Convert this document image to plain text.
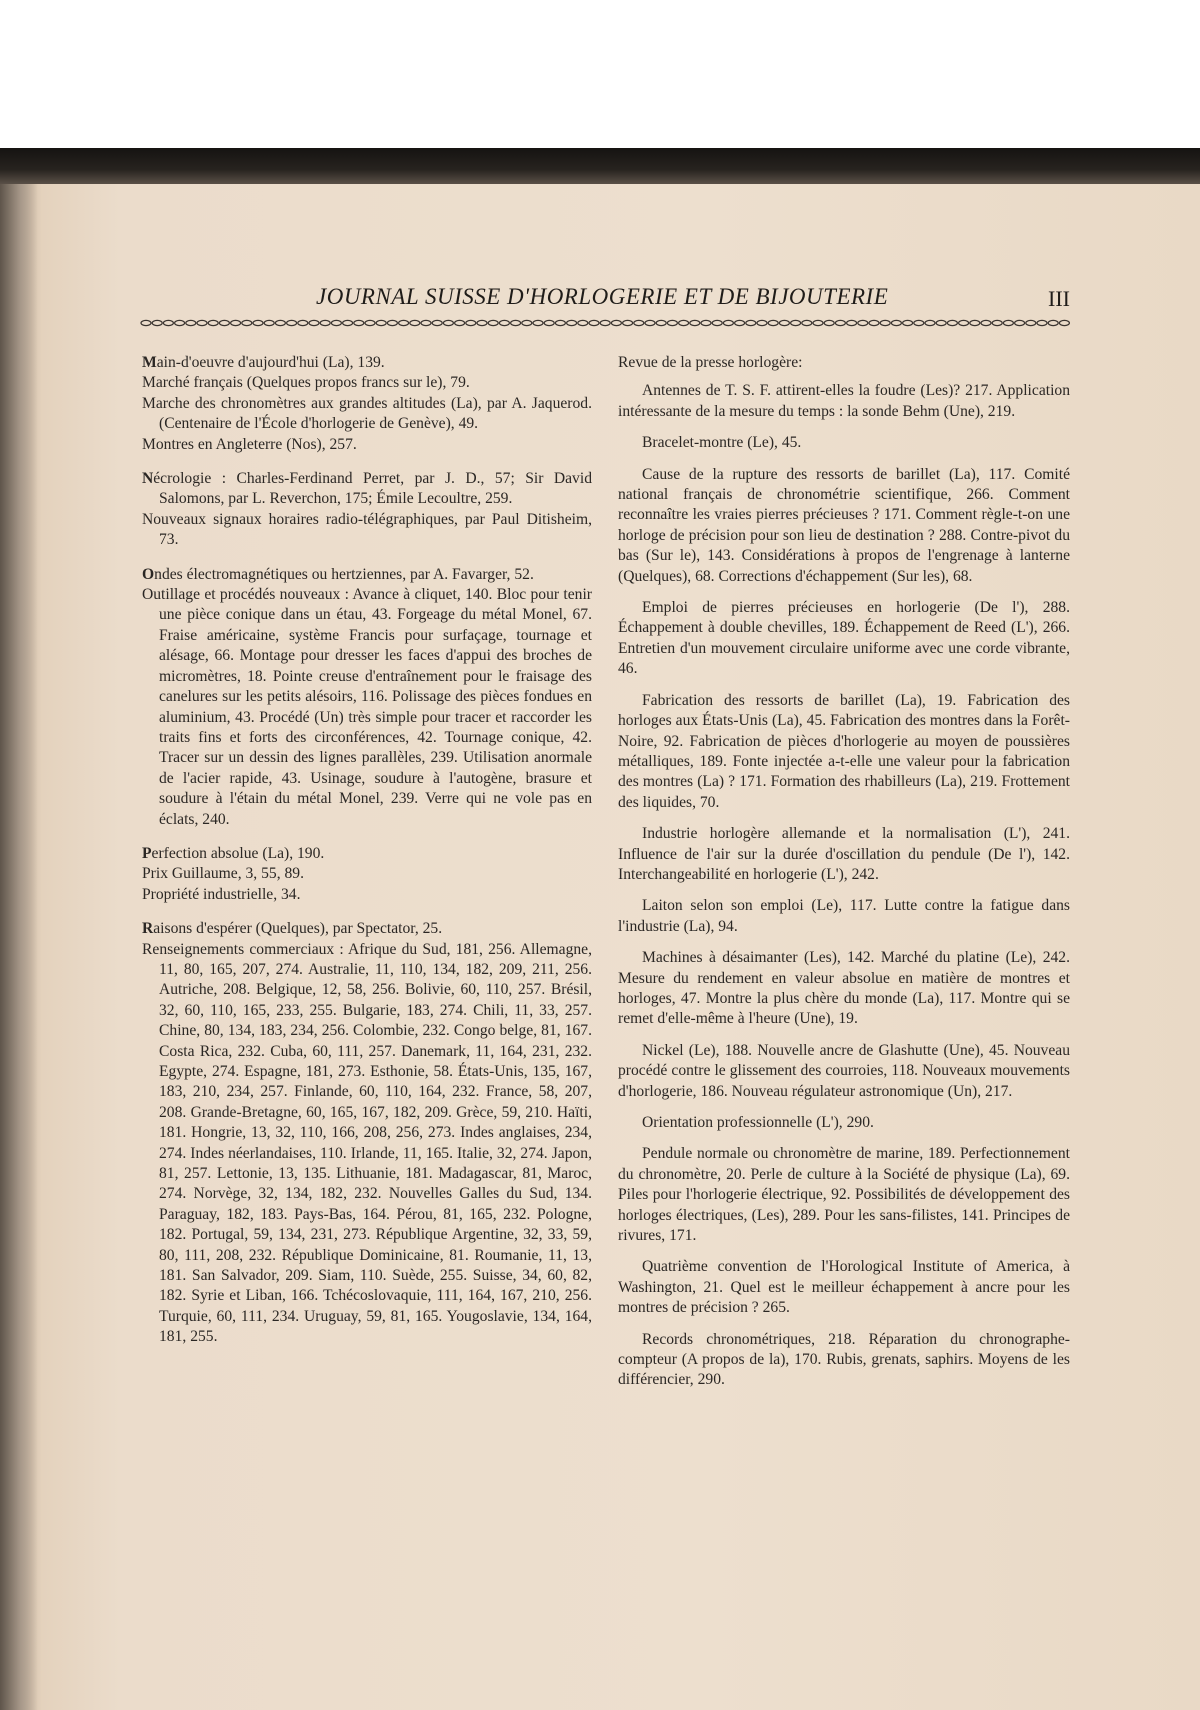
JOURNAL SUISSE D'HORLOGERIE ET DE BIJOUTERIE	III

Main-d'oeuvre d'aujourd'hui (La), 139.

Marché français (Quelques propos francs sur le), 79.

Marche des chronomètres aux grandes altitudes (La), par A. Jaquerod. (Centenaire de l'École d'horlogerie de Genève), 49.

Montres en Angleterre (Nos), 257.

Nécrologie : Charles-Ferdinand Perret, par J. D., 57; Sir David Salomons, par L. Reverchon, 175; Émile Lecoultre, 259.

Nouveaux signaux horaires radio-télégraphiques, par Paul Ditisheim, 73.

Ondes électromagnétiques ou hertziennes, par A. Favarger, 52.

Outillage et procédés nouveaux : Avance à cliquet, 140. Bloc pour tenir une pièce conique dans un étau, 43. Forgeage du métal Monel, 67. Fraise américaine, système Francis pour surfaçage, tournage et alésage, 66. Montage pour dresser les faces d'appui des broches de micromètres, 18. Pointe creuse d'entraînement pour le fraisage des canelures sur les petits alésoirs, 116. Polissage des pièces fondues en aluminium, 43. Procédé (Un) très simple pour tracer et raccorder les traits fins et forts des circonférences, 42. Tournage conique, 42. Tracer sur un dessin des lignes parallèles, 239. Utilisation anormale de l'acier rapide, 43. Usinage, soudure à l'autogène, brasure et soudure à l'étain du métal Monel, 239. Verre qui ne vole pas en éclats, 240.

Perfection absolue (La), 190.

Prix Guillaume, 3, 55, 89.

Propriété industrielle, 34.

Raisons d'espérer (Quelques), par Spectator, 25.

Renseignements commerciaux : Afrique du Sud, 181, 256. Allemagne, 11, 80, 165, 207, 274. Australie, 11, 110, 134, 182, 209, 211, 256. Autriche, 208. Belgique, 12, 58, 256. Bolivie, 60, 110, 257. Brésil, 32, 60, 110, 165, 233, 255. Bulgarie, 183, 274. Chili, 11, 33, 257. Chine, 80, 134, 183, 234, 256. Colombie, 232. Congo belge, 81, 167. Costa Rica, 232. Cuba, 60, 111, 257. Danemark, 11, 164, 231, 232. Egypte, 274. Espagne, 181, 273. Esthonie, 58. États-Unis, 135, 167, 183, 210, 234, 257. Finlande, 60, 110, 164, 232. France, 58, 207, 208. Grande-Bretagne, 60, 165, 167, 182, 209. Grèce, 59, 210. Haïti, 181. Hongrie, 13, 32, 110, 166, 208, 256, 273. Indes anglaises, 234, 274. Indes néerlandaises, 110. Irlande, 11, 165. Italie, 32, 274. Japon, 81, 257. Lettonie, 13, 135. Lithuanie, 181. Madagascar, 81, Maroc, 274. Norvège, 32, 134, 182, 232. Nouvelles Galles du Sud, 134. Paraguay, 182, 183. Pays-Bas, 164. Pérou, 81, 165, 232. Pologne, 182. Portugal, 59, 134, 231, 273. République Argentine, 32, 33, 59, 80, 111, 208, 232. République Dominicaine, 81. Roumanie, 11, 13, 181. San Salvador, 209. Siam, 110. Suède, 255. Suisse, 34, 60, 82, 182. Syrie et Liban, 166. Tchécoslovaquie, 111, 164, 167, 210, 256. Turquie, 60, 111, 234. Uruguay, 59, 81, 165. Yougoslavie, 134, 164, 181, 255.

Revue de la presse horlogère:

Antennes de T. S. F. attirent-elles la foudre (Les)? 217. Application intéressante de la mesure du temps : la sonde Behm (Une), 219.

Bracelet-montre (Le), 45.

Cause de la rupture des ressorts de barillet (La), 117. Comité national français de chronométrie scientifique, 266. Comment reconnaître les vraies pierres précieuses ? 171. Comment règle-t-on une horloge de précision pour son lieu de destination ? 288. Contre-pivot du bas (Sur le), 143. Considérations à propos de l'engrenage à lanterne (Quelques), 68. Corrections d'échappement (Sur les), 68.

Emploi de pierres précieuses en horlogerie (De l'), 288. Échappement à double chevilles, 189. Échappement de Reed (L'), 266. Entretien d'un mouvement circulaire uniforme avec une corde vibrante, 46.

Fabrication des ressorts de barillet (La), 19. Fabrication des horloges aux États-Unis (La), 45. Fabrication des montres dans la Forêt-Noire, 92. Fabrication de pièces d'horlogerie au moyen de poussières métalliques, 189. Fonte injectée a-t-elle une valeur pour la fabrication des montres (La) ? 171. Formation des rhabilleurs (La), 219. Frottement des liquides, 70.

Industrie horlogère allemande et la normalisation (L'), 241. Influence de l'air sur la durée d'oscillation du pendule (De l'), 142. Interchangeabilité en horlogerie (L'), 242.

Laiton selon son emploi (Le), 117. Lutte contre la fatigue dans l'industrie (La), 94.

Machines à désaimanter (Les), 142. Marché du platine (Le), 242. Mesure du rendement en valeur absolue en matière de montres et horloges, 47. Montre la plus chère du monde (La), 117. Montre qui se remet d'elle-même à l'heure (Une), 19.

Nickel (Le), 188. Nouvelle ancre de Glashutte (Une), 45. Nouveau procédé contre le glissement des courroies, 118. Nouveaux mouvements d'horlogerie, 186. Nouveau régulateur astronomique (Un), 217.

Orientation professionnelle (L'), 290.

Pendule normale ou chronomètre de marine, 189. Perfectionnement du chronomètre, 20. Perle de culture à la Société de physique (La), 69. Piles pour l'horlogerie électrique, 92. Possibilités de développement des horloges électriques, (Les), 289. Pour les sans-filistes, 141. Principes de rivures, 171.

Quatrième convention de l'Horological Institute of America, à Washington, 21. Quel est le meilleur échappement à ancre pour les montres de précision ? 265.

Records chronométriques, 218. Réparation du chronographe-compteur (A propos de la), 170. Rubis, grenats, saphirs. Moyens de les différencier, 290.
